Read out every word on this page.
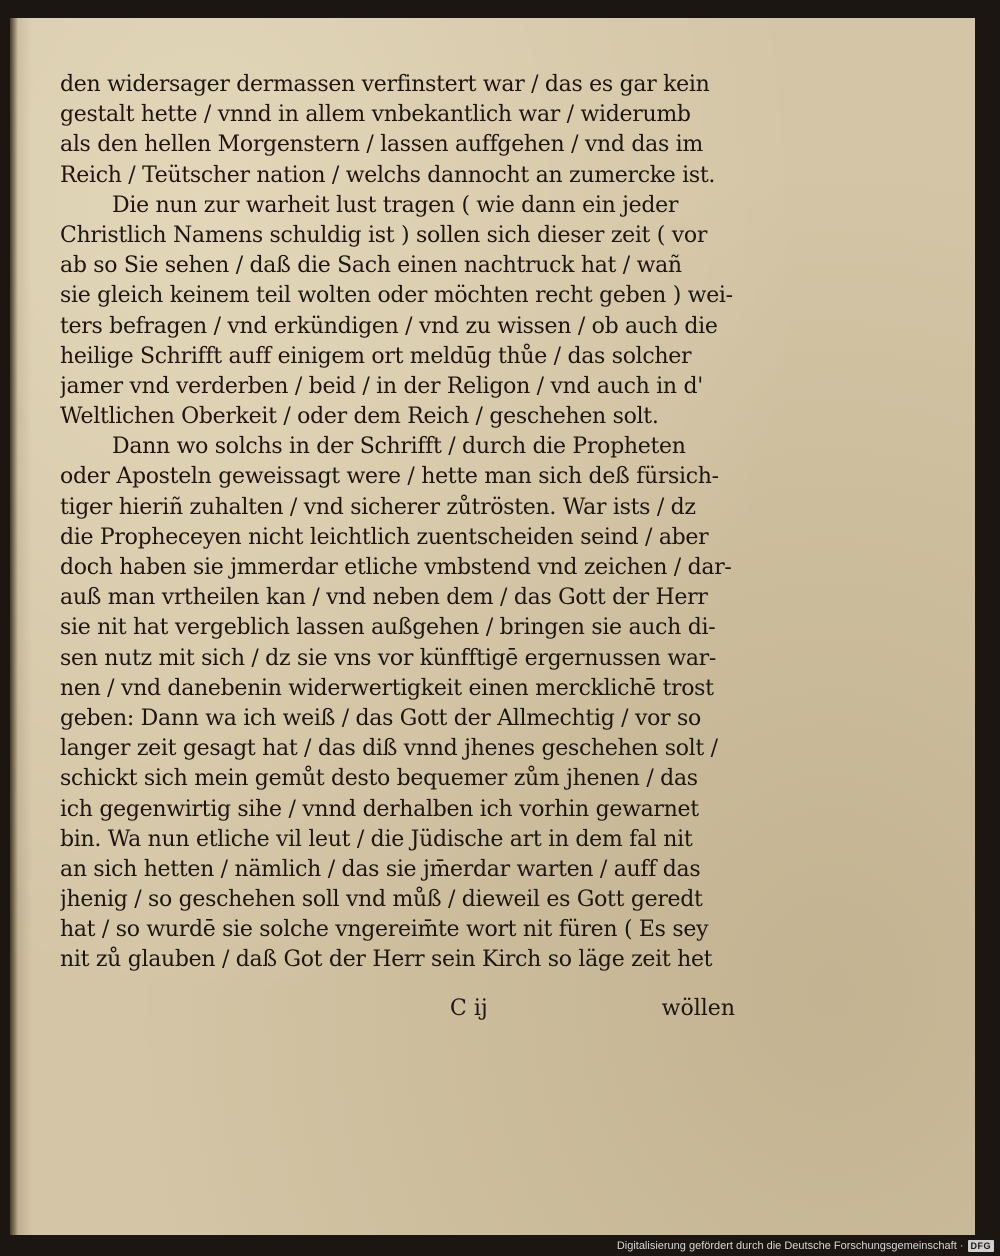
den widersager dermassen verfinstert war / das es gar kein
gestalt hette / vnnd in allem vnbekantlich war / widerumb
als den hellen Morgenstern / lassen auffgehen / vnd das im
Reich / Teütscher nation / welchs dannocht an zumercke ist.
Die nun zur warheit lust tragen ( wie dann ein jeder
Christlich Namens schuldig ist ) sollen sich dieser zeit ( vor
ab so Sie sehen / daß die Sach einen nachtruck hat / wañ
sie gleich keinem teil wolten oder möchten recht geben ) wei-
ters befragen / vnd erkündigen / vnd zu wissen / ob auch die
heilige Schrifft auff einigem ort meldūg thůe / das solcher
jamer vnd verderben / beid / in der Religon / vnd auch in d'
Weltlichen Oberkeit / oder dem Reich / geschehen solt.
Dann wo solchs in der Schrifft / durch die Propheten
oder Aposteln geweissagt were / hette man sich deß fürsich-
tiger hieriñ zuhalten / vnd sicherer zůtrösten. War ists / dz
die Propheceyen nicht leichtlich zuentscheiden seind / aber
doch haben sie jmmerdar etliche vmbstend vnd zeichen / dar-
auß man vrtheilen kan / vnd neben dem / das Gott der Herr
sie nit hat vergeblich lassen außgehen / bringen sie auch di-
sen nutz mit sich / dz sie vns vor künfftigē ergernussen war-
nen / vnd danebenin widerwertigkeit einen mercklichē trost
geben: Dann wa ich weiß / das Gott der Allmechtig / vor so
langer zeit gesagt hat / das diß vnnd jhenes geschehen solt /
schickt sich mein gemůt desto bequemer zům jhenen / das
ich gegenwirtig sihe / vnnd derhalben ich vorhin gewarnet
bin. Wa nun etliche vil leut / die Jüdische art in dem fal nit
an sich hetten / nämlich / das sie jm̄erdar warten / auff das
jhenig / so geschehen soll vnd můß / dieweil es Gott geredt
hat / so wurdē sie solche vngereim̄te wort nit füren ( Es sey
nit zů glauben / daß Got der Herr sein Kirch so läge zeit het
C ij	wöllen
Digitalisierung gefördert durch die Deutsche Forschungsgemeinschaft · DFG
